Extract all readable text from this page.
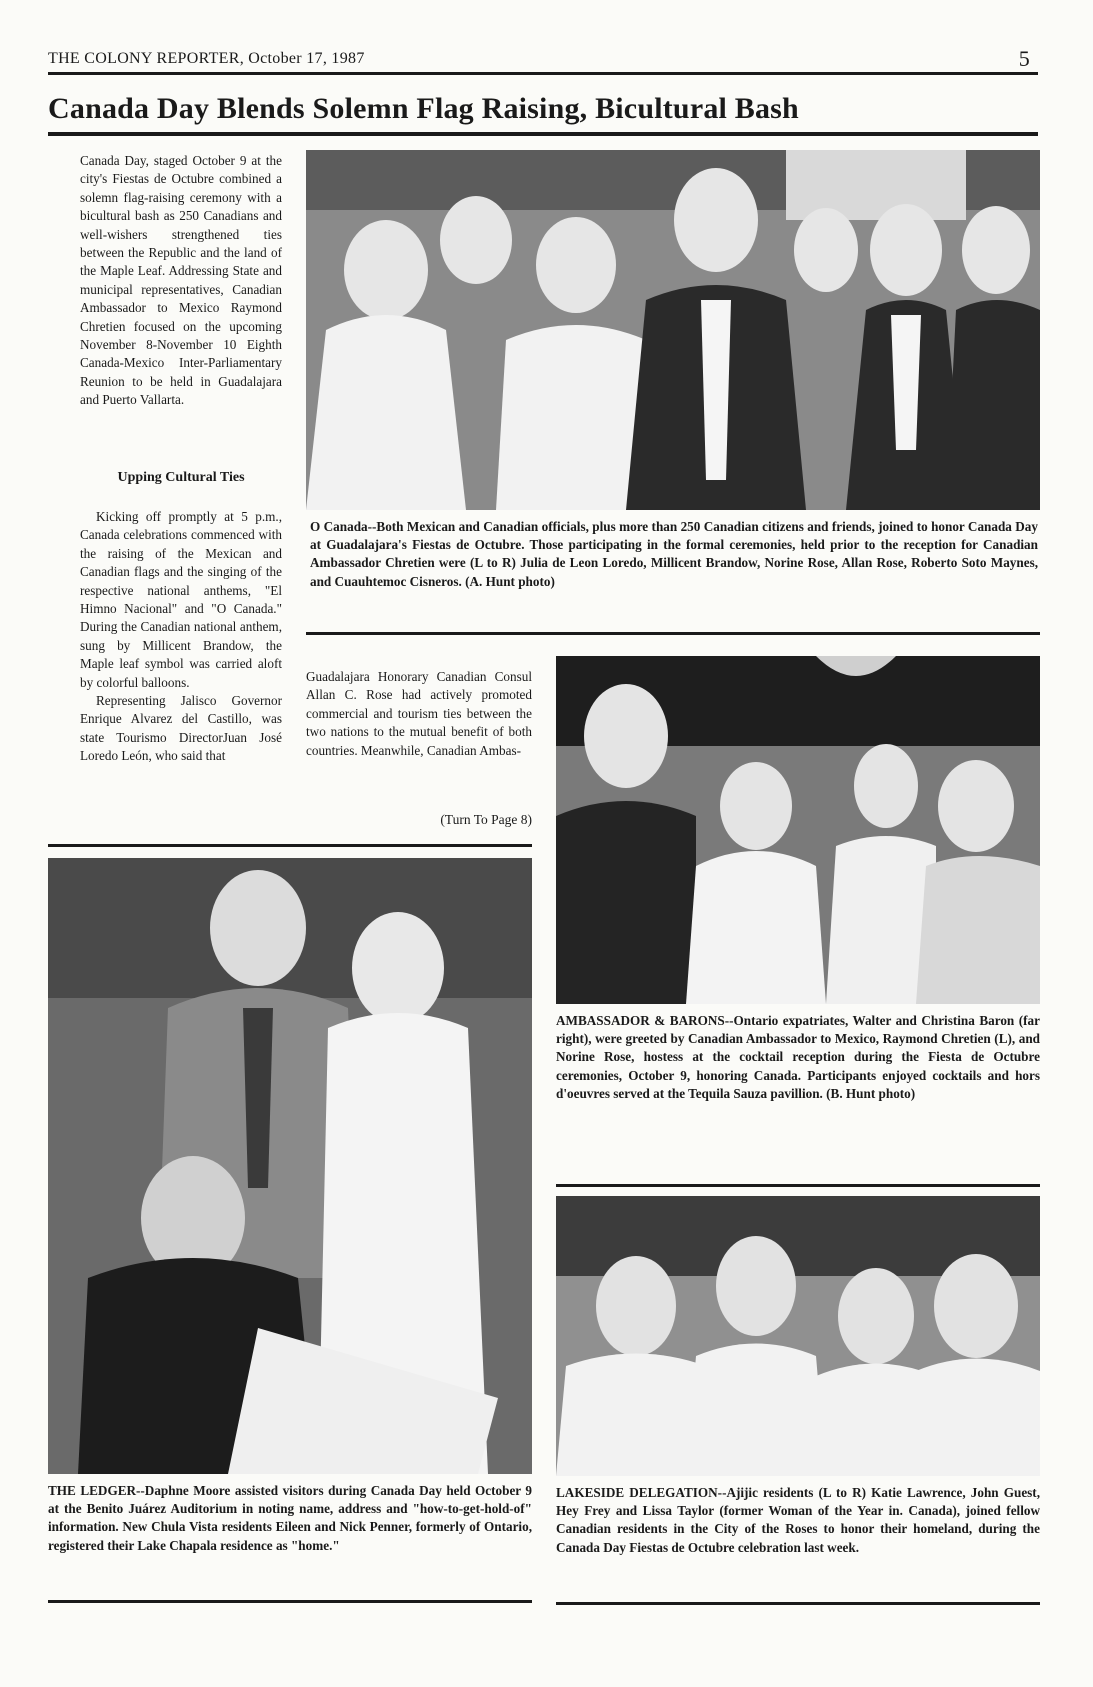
THE COLONY REPORTER, October 17, 1987	5
Canada Day Blends Solemn Flag Raising, Bicultural Bash

Canada Day, staged October 9 at the city's Fiestas de Octubre combined a solemn flag-raising ceremony with a bicultural bash as 250 Canadians and well-wishers strengthened ties between the Republic and the land of the Maple Leaf. Addressing State and municipal representatives, Canadian Ambassador to Mexico Raymond Chretien focused on the upcoming November 8-November 10 Eighth Canada-Mexico Inter-Parliamentary Reunion to be held in Guadalajara and Puerto Vallarta.

Upping Cultural Ties

Kicking off promptly at 5 p.m., Canada celebrations commenced with the raising of the Mexican and Canadian flags and the singing of the respective national anthems, "El Himno Nacional" and "O Canada." During the Canadian national anthem, sung by Millicent Brandow, the Maple leaf symbol was carried aloft by colorful balloons.

Representing Jalisco Governor Enrique Alvarez del Castillo, was state Tourismo DirectorJuan José Loredo León, who said that

O Canada--Both Mexican and Canadian officials, plus more than 250 Canadian citizens and friends, joined to honor Canada Day at Guadalajara's Fiestas de Octubre. Those participating in the formal ceremonies, held prior to the reception for Canadian Ambassador Chretien were (L to R) Julia de Leon Loredo, Millicent Brandow, Norine Rose, Allan Rose, Roberto Soto Maynes, and Cuauhtemoc Cisneros. (A. Hunt photo)

Guadalajara Honorary Canadian Consul Allan C. Rose had actively promoted commercial and tourism ties between the two nations to the mutual benefit of both countries. Meanwhile, Canadian Ambas-

(Turn To Page 8)
AMBASSADOR & BARONS--Ontario expatriates, Walter and Christina Baron (far right), were greeted by Canadian Ambassador to Mexico, Raymond Chretien (L), and Norine Rose, hostess at the cocktail reception during the Fiesta de Octubre ceremonies, October 9, honoring Canada. Participants enjoyed cocktails and hors d'oeuvres served at the Tequila Sauza pavillion. (B. Hunt photo)
THE LEDGER--Daphne Moore assisted visitors during Canada Day held October 9 at the Benito Juárez Auditorium in noting name, address and "how-to-get-hold-of" information. New Chula Vista residents Eileen and Nick Penner, formerly of Ontario, registered their Lake Chapala residence as "home."
LAKESIDE DELEGATION--Ajijic residents (L to R) Katie Lawrence, John Guest, Hey Frey and Lissa Taylor (former Woman of the Year in. Canada), joined fellow Canadian residents in the City of the Roses to honor their homeland, during the Canada Day Fiestas de Octubre celebration last week.
